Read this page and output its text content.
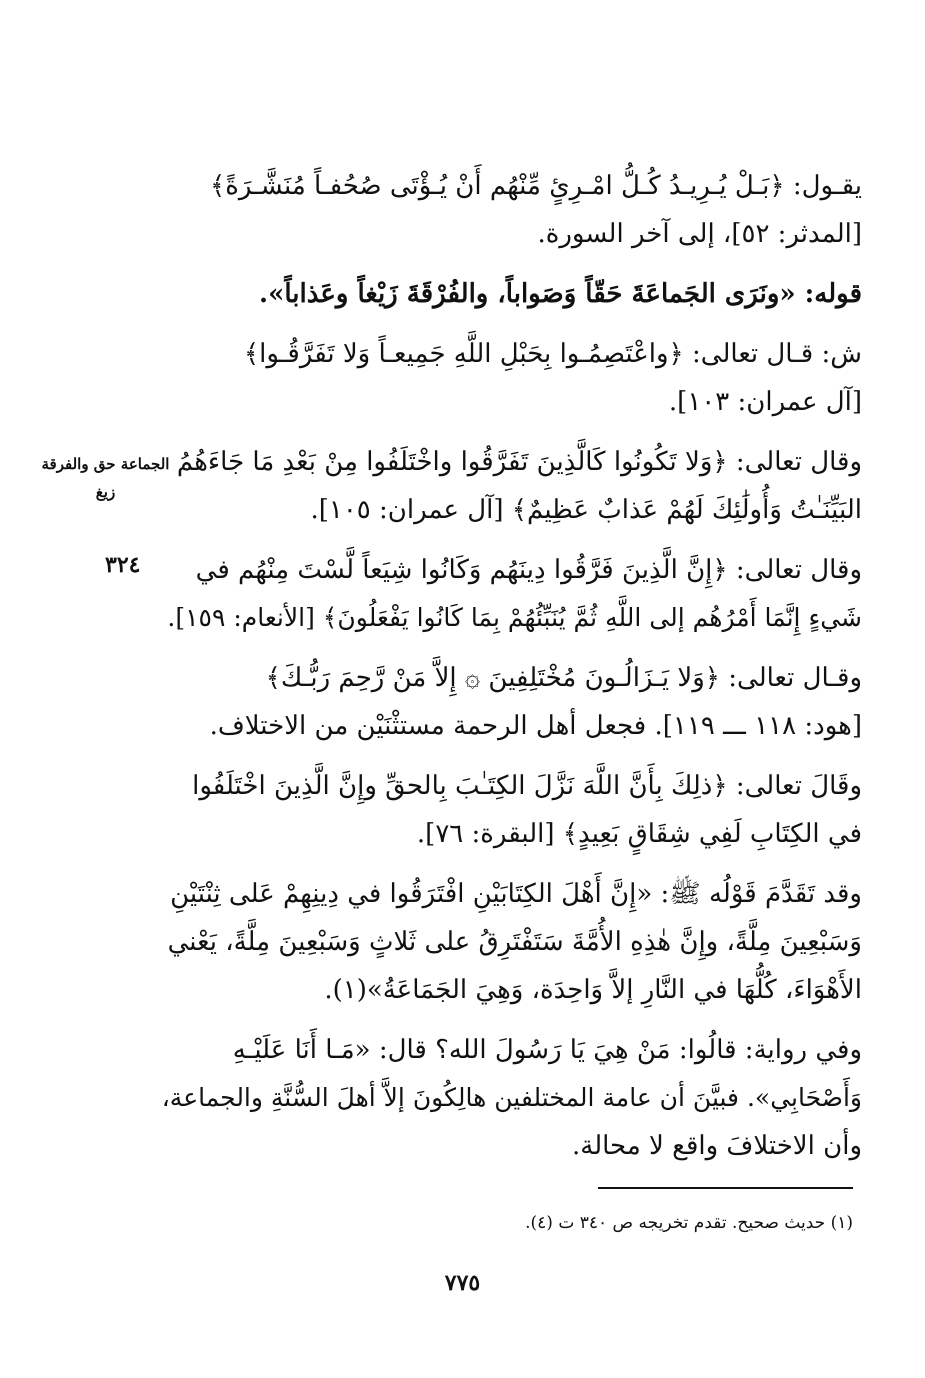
يقـول: ﴿بَـلْ يُـرِيـدُ كُـلُّ امْـرِئٍ مِّنْهُم أَنْ يُـؤْتَى صُحُفـاً مُنَشَّـرَةً﴾
[المدثر: ٥٢]، إلى آخر السورة.
قوله: «ونَرَى الجَماعَةَ حَقّاً وَصَواباً، والفُرْقَةَ زَيْغاً وعَذاباً».
ش: قـال تعالى: ﴿واعْتَصِمُـوا بِحَبْلِ اللَّهِ جَمِيعـاً وَلا تَفَرَّقُـوا﴾
[آل عمران: ١٠٣].
وقال تعالى: ﴿وَلا تَكُونُوا كَالَّذِينَ تَفَرَّقُوا واخْتَلَفُوا مِنْ بَعْدِ مَا جَاءَهُمُ
البَيِّنَـٰتُ وَأُولَٰئِكَ لَهُمْ عَذابٌ عَظِيمٌ﴾ [آل عمران: ١٠٥].
وقال تعالى: ﴿إِنَّ الَّذِينَ فَرَّقُوا دِينَهُم وَكَانُوا شِيَعاً لَّسْتَ مِنْهُم في
شَيءٍ إِنَّمَا أَمْرُهُم إلى اللَّهِ ثُمَّ يُنَبِّئُهُمْ بِمَا كَانُوا يَفْعَلُونَ﴾ [الأنعام: ١٥٩].
وقـال تعالى: ﴿وَلا يَـزَالُـونَ مُخْتَلِفِينَ ۞ إِلاَّ مَنْ رَّحِمَ رَبُّـكَ﴾
[هود: ١١٨ ـــ ١١٩]. فجعل أهل الرحمة مستثْنَيْن من الاختلاف.
وقَالَ تعالى: ﴿ذلِكَ بِأَنَّ اللَّهَ نَزَّلَ الكِتَـٰبَ بِالحقِّ وإِنَّ الَّذِينَ اخْتَلَفُوا
في الكِتَابِ لَفِي شِقَاقٍ بَعِيدٍ﴾ [البقرة: ٧٦].
وقد تَقَدَّمَ قَوْلُه ﷺ: «إِنَّ أَهْلَ الكِتَابَيْنِ افْتَرَقُوا في دِينِهِمْ عَلى ثِنْتَيْنِ
وَسَبْعِينَ مِلَّةً، وإِنَّ هٰذِهِ الأُمَّةَ سَتَفْتَرِقُ على ثَلاثٍ وَسَبْعِينَ مِلَّةً، يَعْني
الأَهْوَاءَ، كُلُّهَا في النَّارِ إلاَّ وَاحِدَة، وَهِيَ الجَمَاعَةُ»(١).
وفي رواية: قالُوا: مَنْ هِيَ يَا رَسُولَ الله؟ قال: «مَـا أَنَا عَلَيْـهِ
وَأَصْحَابِي». فبيَّنَ أن عامة المختلفين هالِكُونَ إلاَّ أهلَ السُّنَّةِ والجماعة،
وأن الاختلافَ واقع لا محالة.
الجماعة حق والفرقة
زيغ
٣٢٤
(١) حديث صحيح. تقدم تخريجه ص ٣٤٠ ت (٤).
٧٧٥
